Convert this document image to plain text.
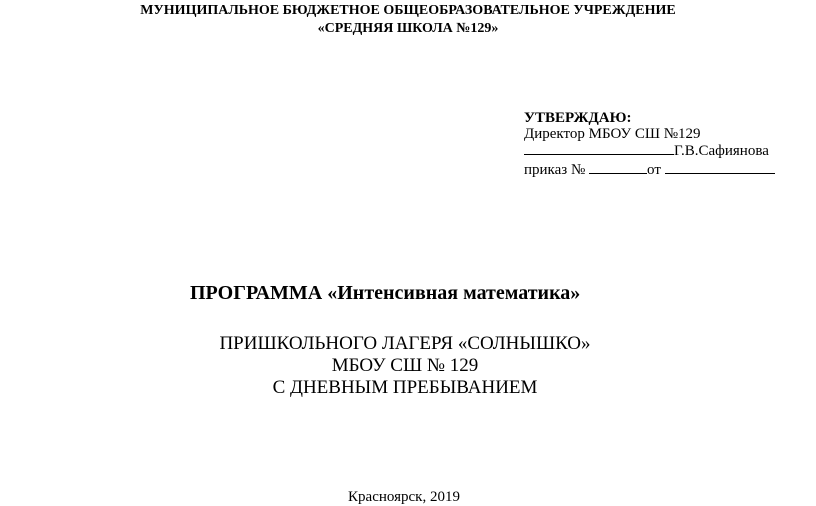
МУНИЦИПАЛЬНОЕ БЮДЖЕТНОЕ ОБЩЕОБРАЗОВАТЕЛЬНОЕ УЧРЕЖДЕНИЕ
«СРЕДНЯЯ ШКОЛА №129»
УТВЕРЖДАЮ:
Директор МБОУ СШ №129
Г.В.Сафиянова
приказ №	от
ПРОГРАММА «Интенсивная математика»
ПРИШКОЛЬНОГО ЛАГЕРЯ «СОЛНЫШКО»
МБОУ СШ № 129
С ДНЕВНЫМ ПРЕБЫВАНИЕМ
Красноярск, 2019
